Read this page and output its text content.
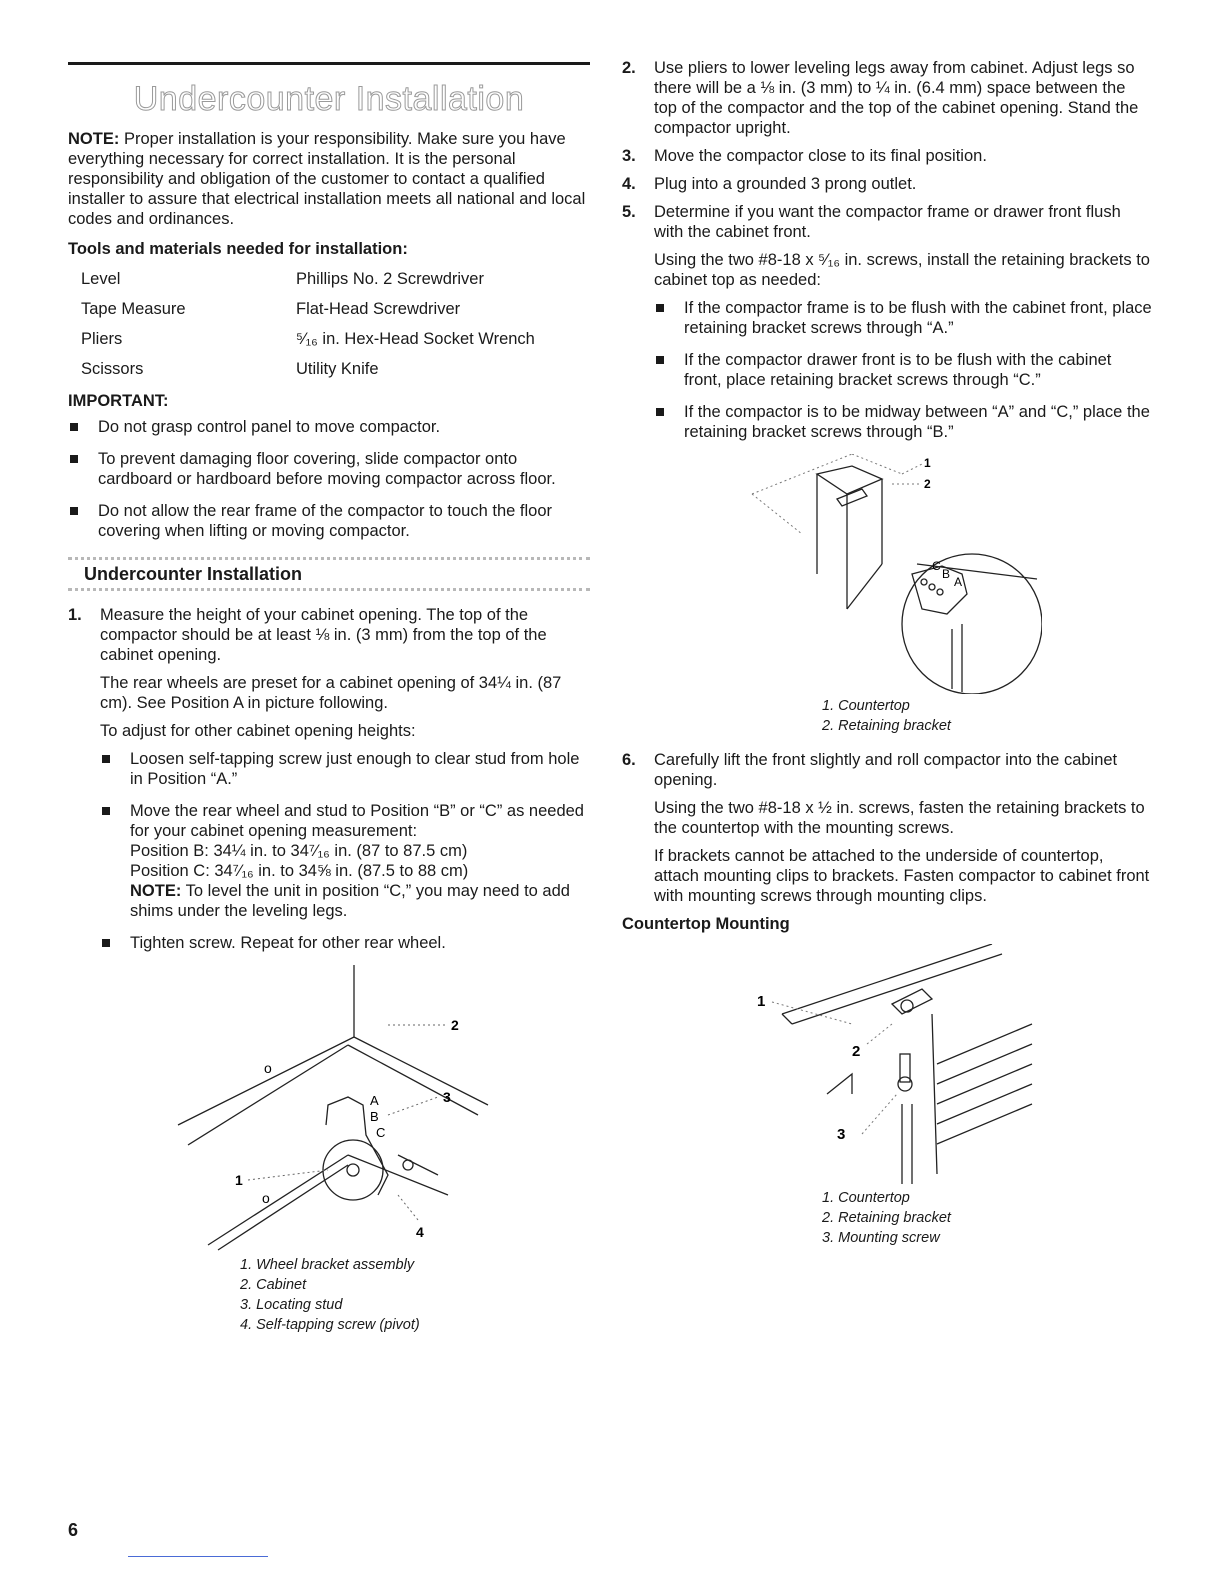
Undercounter Installation

NOTE: Proper installation is your responsibility. Make sure you have everything necessary for correct installation. It is the personal responsibility and obligation of the customer to contact a qualified installer to assure that electrical installation meets all national and local codes and ordinances.

Tools and materials needed for installation:
Level	Phillips No. 2 Screwdriver
Tape Measure	Flat-Head Screwdriver
Pliers	⁵⁄₁₆ in. Hex-Head Socket Wrench
Scissors	Utility Knife
IMPORTANT:
Do not grasp control panel to move compactor.
To prevent damaging floor covering, slide compactor onto cardboard or hardboard before moving compactor across floor.
Do not allow the rear frame of the compactor to touch the floor covering when lifting or moving compactor.
Undercounter Installation
1. Measure the height of your cabinet opening. The top of the compactor should be at least ⅛ in. (3 mm) from the top of the cabinet opening.

The rear wheels are preset for a cabinet opening of 34¼ in. (87 cm). See Position A in picture following.

To adjust for other cabinet opening heights:

Loosen self-tapping screw just enough to clear stud from hole in Position “A.”
Move the rear wheel and stud to Position “B” or “C” as needed for your cabinet opening measurement:
Position B: 34¼ in. to 34⁷⁄₁₆ in. (87 to 87.5 cm)
Position C: 34⁷⁄₁₆ in. to 34⅝ in. (87.5 to 88 cm)
NOTE: To level the unit in position “C,” you may need to add shims under the leveling legs.
Tighten screw. Repeat for other rear wheel.
o
o
2
3
1
4
A
B
C
1. Wheel bracket assembly
2. Cabinet
3. Locating stud
4. Self-tapping screw (pivot)
2. Use pliers to lower leveling legs away from cabinet. Adjust legs so there will be a ⅛ in. (3 mm) to ¼ in. (6.4 mm) space between the top of the compactor and the top of the cabinet opening. Stand the compactor upright.

3. Move the compactor close to its final position.

4. Plug into a grounded 3 prong outlet.

5. Determine if you want the compactor frame or drawer front flush with the cabinet front.

Using the two #8-18 x ⁵⁄₁₆ in. screws, install the retaining brackets to cabinet top as needed:

If the compactor frame is to be flush with the cabinet front, place retaining bracket screws through “A.”
If the compactor drawer front is to be flush with the cabinet front, place retaining bracket screws through “C.”
If the compactor is to be midway between “A” and “C,” place the retaining bracket screws through “B.”
1
2
C
B
A
1. Countertop
2. Retaining bracket
6. Carefully lift the front slightly and roll compactor into the cabinet opening.

Using the two #8-18 x ½ in. screws, fasten the retaining brackets to the countertop with the mounting screws.

If brackets cannot be attached to the underside of countertop, attach mounting clips to brackets. Fasten compactor to cabinet front with mounting screws through mounting clips.

Countertop Mounting
1
2
3
1. Countertop
2. Retaining bracket
3. Mounting screw
6
